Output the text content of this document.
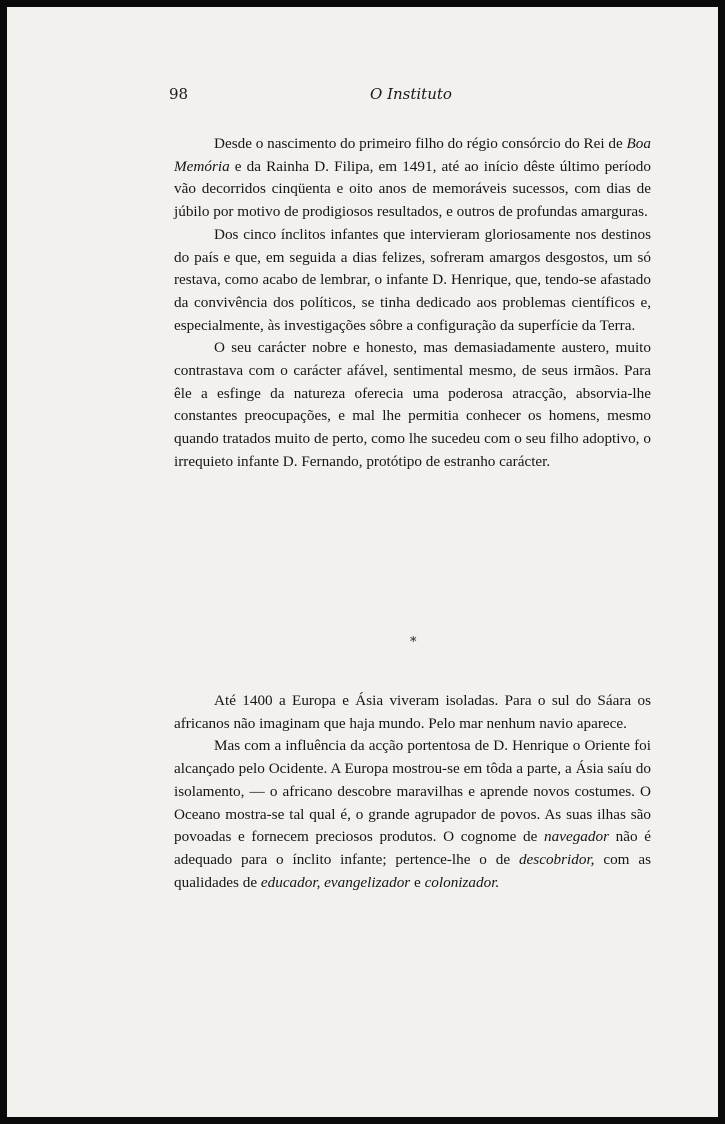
98	O Instituto

Desde o nascimento do primeiro filho do régio consórcio do Rei de Boa Memória e da Rainha D. Filipa, em 1491, até ao início dêste último período vão decorridos cinqüenta e oito anos de memoráveis sucessos, com dias de júbilo por motivo de prodigiosos resultados, e outros de profundas amarguras.

Dos cinco ínclitos infantes que intervieram gloriosamente nos destinos do país e que, em seguida a dias felizes, sofreram amargos desgostos, um só restava, como acabo de lembrar, o infante D. Henrique, que, tendo-se afastado da convivência dos políticos, se tinha dedicado aos problemas científicos e, especialmente, às investigações sôbre a configuração da superfície da Terra.

O seu carácter nobre e honesto, mas demasiadamente austero, muito contrastava com o carácter afável, sentimental mesmo, de seus irmãos. Para êle a esfinge da natureza oferecia uma poderosa atracção, absorvia-lhe constantes preocupações, e mal lhe permitia conhecer os homens, mesmo quando tratados muito de perto, como lhe sucedeu com o seu filho adoptivo, o irrequieto infante D. Fernando, protótipo de estranho carácter.

*

Até 1400 a Europa e Ásia viveram isoladas. Para o sul do Sáara os africanos não imaginam que haja mundo. Pelo mar nenhum navio aparece.

Mas com a influência da acção portentosa de D. Henrique o Oriente foi alcançado pelo Ocidente. A Europa mostrou-se em tôda a parte, a Ásia saíu do isolamento, — o africano descobre maravilhas e aprende novos costumes. O Oceano mostra-se tal qual é, o grande agrupador de povos. As suas ilhas são povoadas e fornecem preciosos produtos. O cognome de navegador não é adequado para o ínclito infante; pertence-lhe o de descobridor, com as qualidades de educador, evangelizador e colonizador.
